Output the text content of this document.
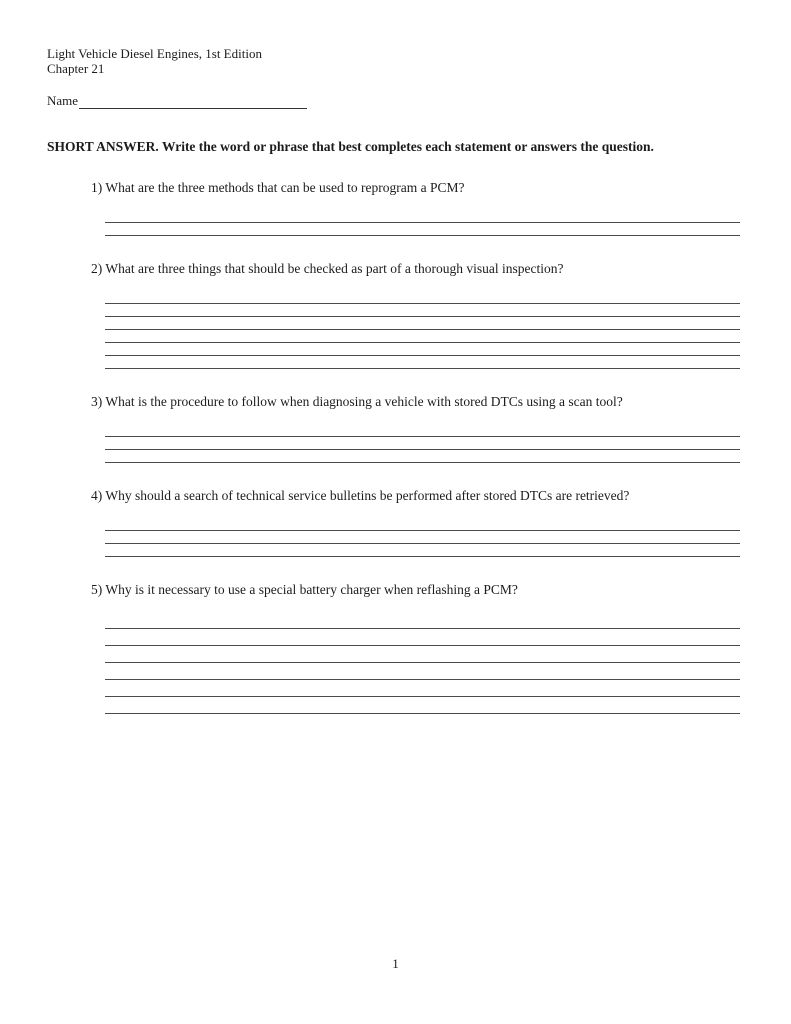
Light Vehicle Diesel Engines, 1st Edition
Chapter 21
Name
SHORT ANSWER. Write the word or phrase that best completes each statement or answers the question.
1) What are the three methods that can be used to reprogram a PCM?
2) What are three things that should be checked as part of a thorough visual inspection?
3) What is the procedure to follow when diagnosing a vehicle with stored DTCs using a scan tool?
4) Why should a search of technical service bulletins be performed after stored DTCs are retrieved?
5) Why is it necessary to use a special battery charger when reflashing a PCM?
1
